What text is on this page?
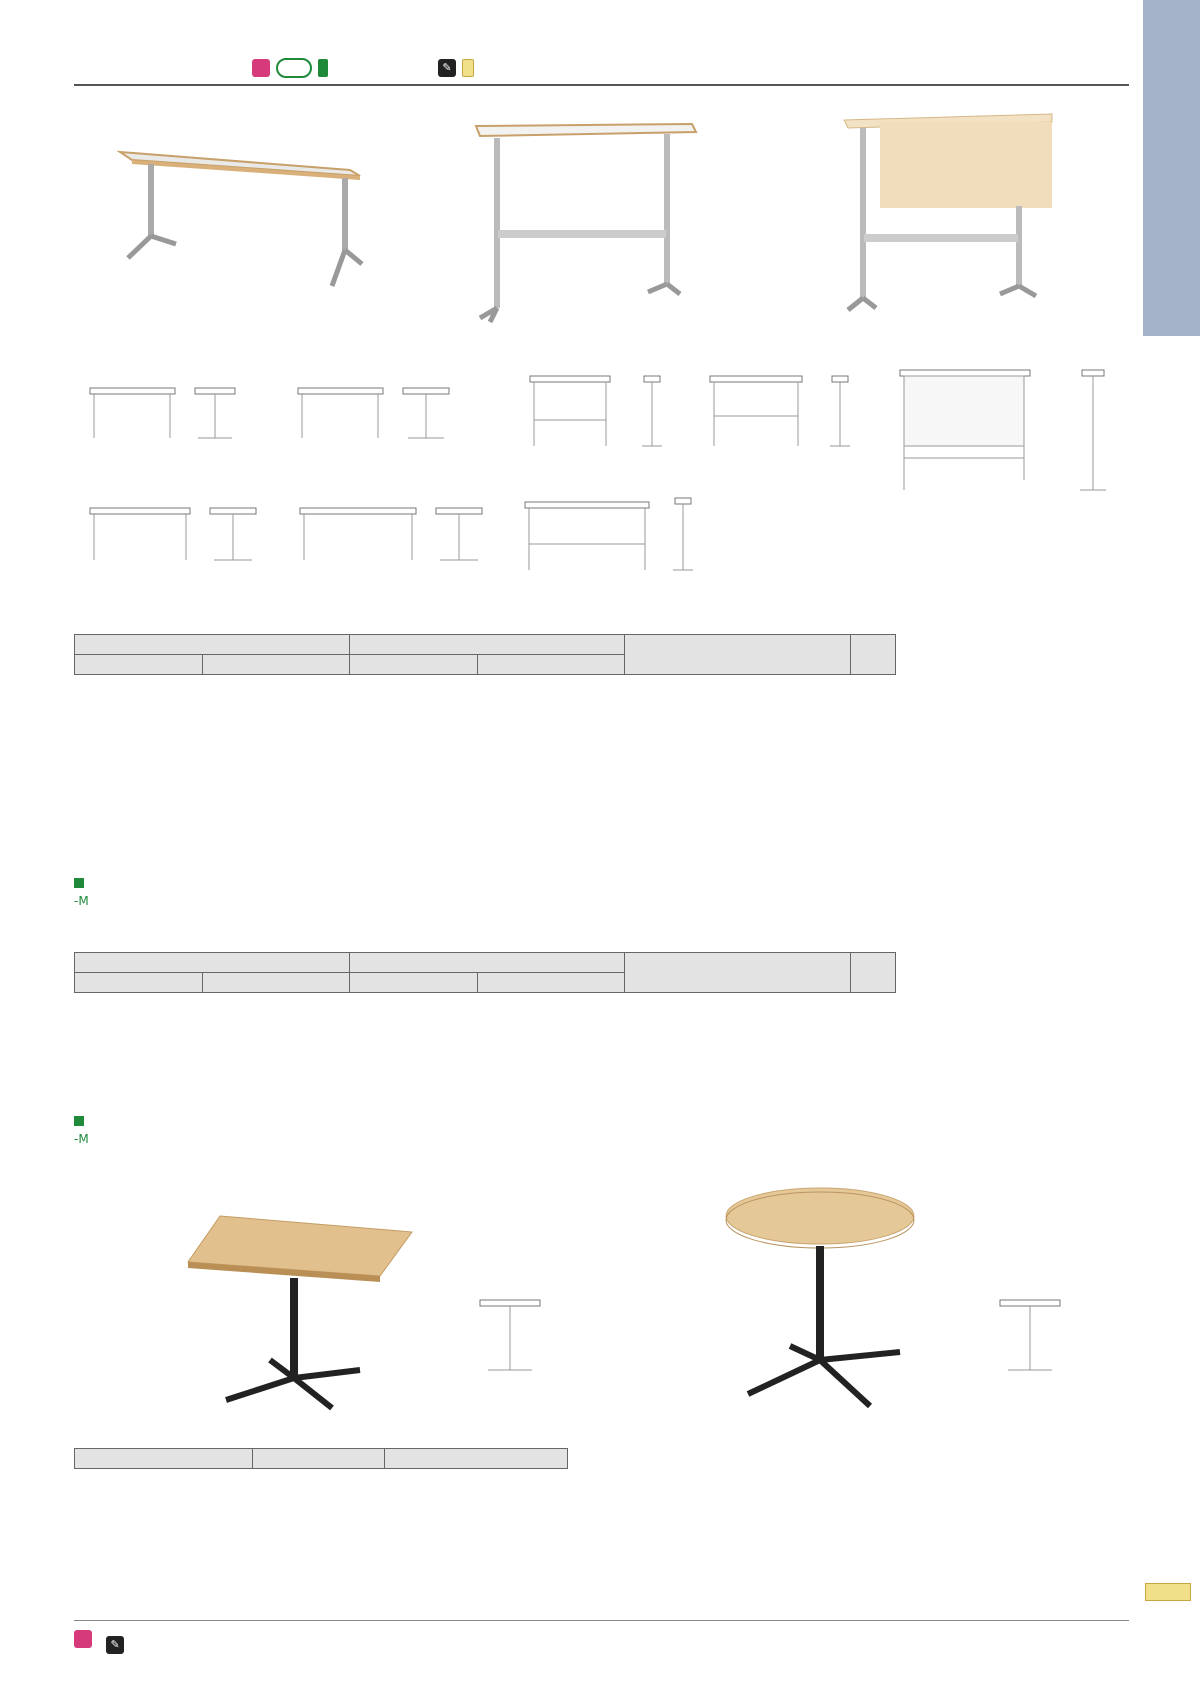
✎

-M

-M

✎
